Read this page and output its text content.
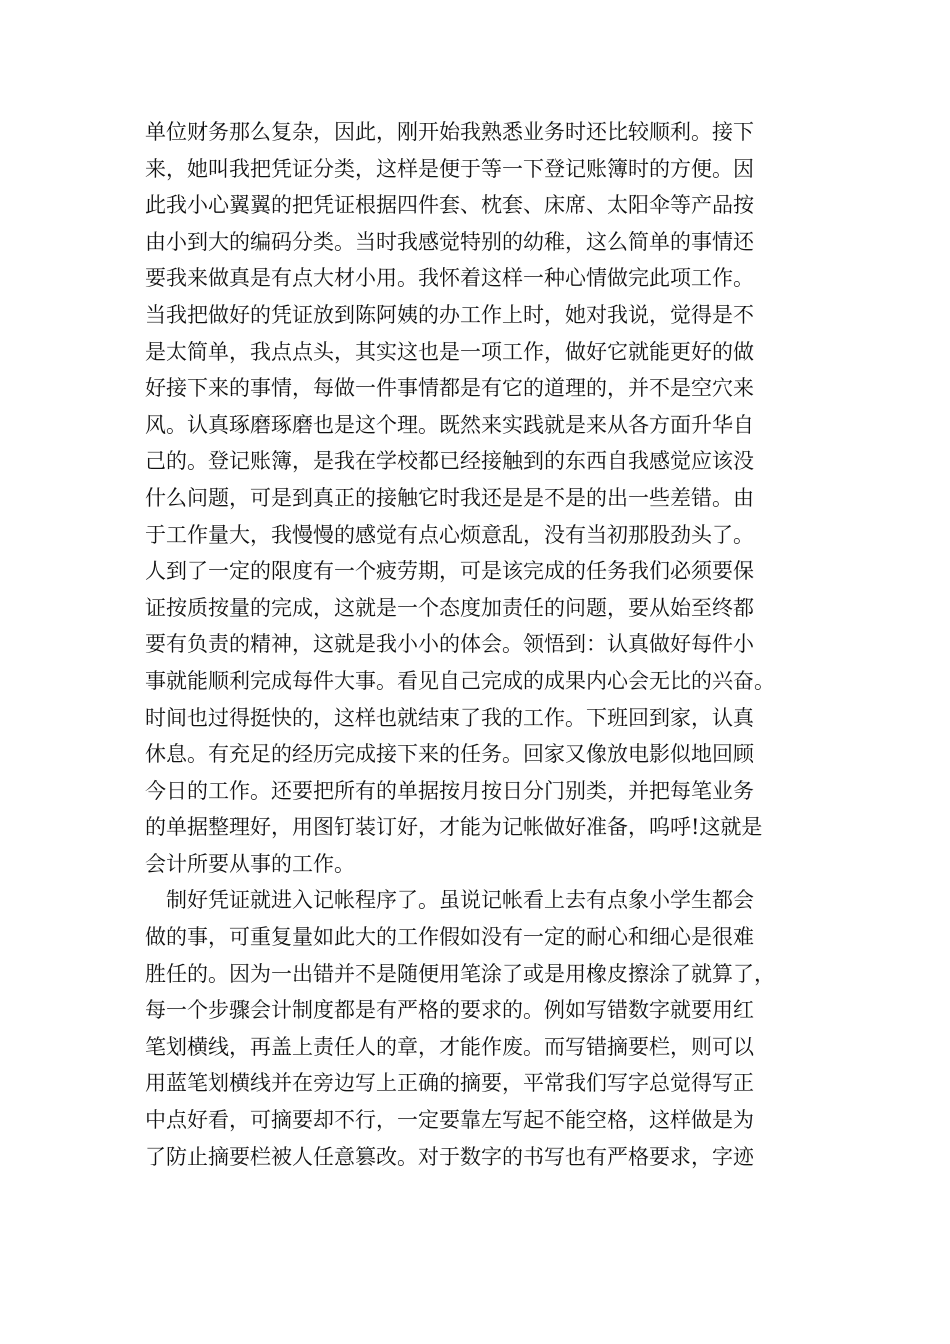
单位财务那么复杂，因此，刚开始我熟悉业务时还比较顺利。接下
来，她叫我把凭证分类，这样是便于等一下登记账簿时的方便。因
此我小心翼翼的把凭证根据四件套、枕套、床席、太阳伞等产品按
由小到大的编码分类。当时我感觉特别的幼稚，这么简单的事情还
要我来做真是有点大材小用。我怀着这样一种心情做完此项工作。
当我把做好的凭证放到陈阿姨的办工作上时，她对我说，觉得是不
是太简单，我点点头，其实这也是一项工作，做好它就能更好的做
好接下来的事情，每做一件事情都是有它的道理的，并不是空穴来
风。认真琢磨琢磨也是这个理。既然来实践就是来从各方面升华自
己的。登记账簿，是我在学校都已经接触到的东西自我感觉应该没
什么问题，可是到真正的接触它时我还是是不是的出一些差错。由
于工作量大，我慢慢的感觉有点心烦意乱，没有当初那股劲头了。
人到了一定的限度有一个疲劳期，可是该完成的任务我们必须要保
证按质按量的完成，这就是一个态度加责任的问题，要从始至终都
要有负责的精神，这就是我小小的体会。领悟到：认真做好每件小
事就能顺利完成每件大事。看见自己完成的成果内心会无比的兴奋。
时间也过得挺快的，这样也就结束了我的工作。下班回到家，认真
休息。有充足的经历完成接下来的任务。回家又像放电影似地回顾
今日的工作。还要把所有的单据按月按日分门别类，并把每笔业务
的单据整理好，用图钉装订好，才能为记帐做好准备，呜呼!这就是
会计所要从事的工作。
制好凭证就进入记帐程序了。虽说记帐看上去有点象小学生都会
做的事，可重复量如此大的工作假如没有一定的耐心和细心是很难
胜任的。因为一出错并不是随便用笔涂了或是用橡皮擦涂了就算了，
每一个步骤会计制度都是有严格的要求的。例如写错数字就要用红
笔划横线，再盖上责任人的章，才能作废。而写错摘要栏，则可以
用蓝笔划横线并在旁边写上正确的摘要，平常我们写字总觉得写正
中点好看，可摘要却不行，一定要靠左写起不能空格，这样做是为
了防止摘要栏被人任意篡改。对于数字的书写也有严格要求，字迹
